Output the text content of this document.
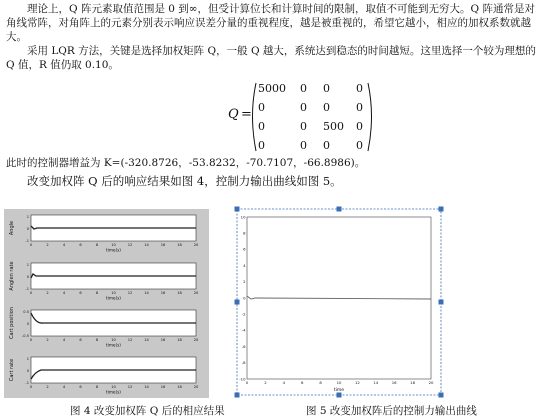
理论上，Q 阵元素取值范围是 0 到∞，但受计算位长和计算时间的限制，取值不可能到无穷大。Q 阵通常是对角线常阵，对角阵上的元素分别表示响应误差分量的重视程度，越是被重视的，希望它越小，相应的加权系数就越大。
采用 LQR 方法，关键是选择加权矩阵 Q，一般 Q 越大，系统达到稳态的时间越短。这里选择一个较为理想的 Q 值，R 值仍取 0.10。
Q =
5000 0 0 0
0	0 0 0
0	0 500 0
0	0 0 0
此时的控制器增益为 K=(-320.8726，-53.8232，-70.7107，-66.8986)。
改变加权阵 Q 后的响应结果如图 4，控制力输出曲线如图 5。
Angle
1
0
-1
0	2	4	6	8	10	12	14	16	18	20
time(s)
Anglen rate	1
0
-1
0	2	4	6	8	10	12	14	16	18	20
time(s)
Cart position 0.5
0
-0.5
0	2	4	6	8	10	12	14	16	18	20
time(s)
Cart rate	1
0
-1
0	2	4	6	8	10	12	14	16	18	20
time(s)
10
8
6
4
2
0
-2
-4
-6
-8
-10
0	2	4	6	8	10	12	14	16	18	20
time
图 4 改变加权阵 Q 后的相应结果	图 5 改变加权阵后的控制力输出曲线
